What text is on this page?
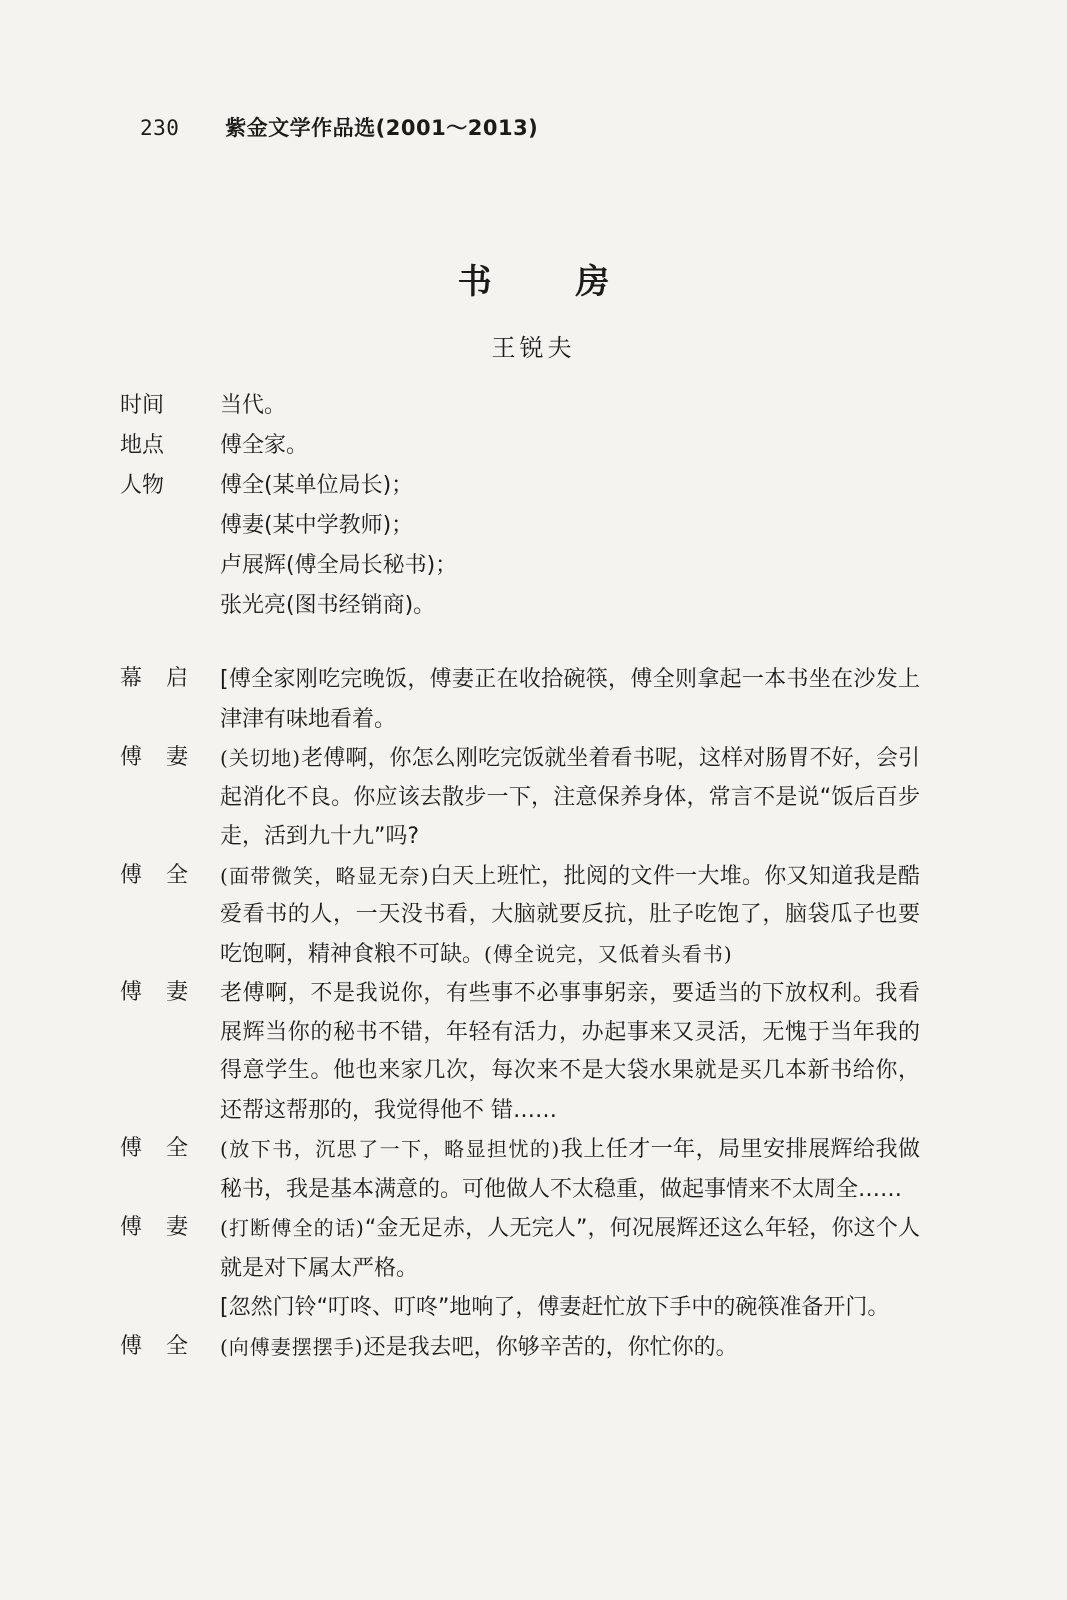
230 紫金文学作品选(2001～2013)
书 房
王锐夫
时间	当代。
地点	傅全家。
人物	傅全(某单位局长)；
傅妻(某中学教师)；
卢展辉(傅全局长秘书)；
张光亮(图书经销商)。
幕启 [傅全家刚吃完晚饭，傅妻正在收拾碗筷，傅全则拿起一本书坐在沙发上津津有味地看着。
傅妻 (关切地)老傅啊，你怎么刚吃完饭就坐着看书呢，这样对肠胃不好，会引起消化不良。你应该去散步一下，注意保养身体，常言不是说“饭后百步走，活到九十九”吗?
傅全 (面带微笑，略显无奈)白天上班忙，批阅的文件一大堆。你又知道我是酷爱看书的人，一天没书看，大脑就要反抗，肚子吃饱了，脑袋瓜子也要吃饱啊，精神食粮不可缺。(傅全说完，又低着头看书)
傅妻 老傅啊，不是我说你，有些事不必事事躬亲，要适当的下放权利。我看展辉当你的秘书不错，年轻有活力，办起事来又灵活，无愧于当年我的得意学生。他也来家几次，每次来不是大袋水果就是买几本新书给你，还帮这帮那的，我觉得他不 错……
傅全 (放下书，沉思了一下，略显担忧的)我上任才一年，局里安排展辉给我做秘书，我是基本满意的。可他做人不太稳重，做起事情来不太周全……
傅妻 (打断傅全的话)“金无足赤，人无完人”，何况展辉还这么年轻，你这个人就是对下属太严格。
[忽然门铃“叮咚、叮咚”地响了，傅妻赶忙放下手中的碗筷准备开门。
傅全 (向傅妻摆摆手)还是我去吧，你够辛苦的，你忙你的。
